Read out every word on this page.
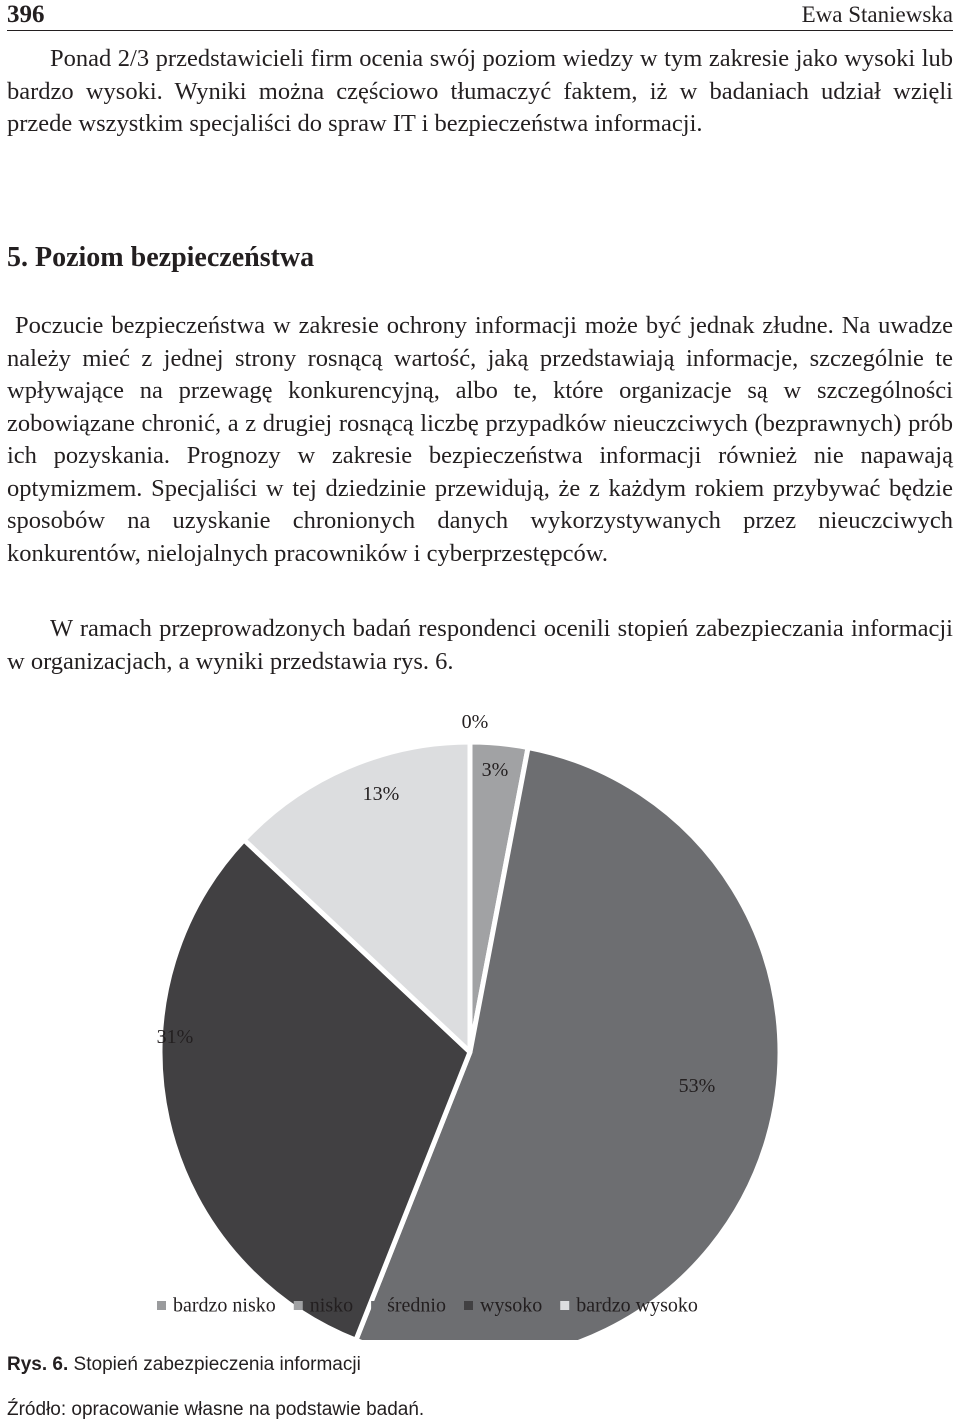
396	Ewa Staniewska

Ponad 2/3 przedstawicieli firm ocenia swój poziom wiedzy w tym zakresie jako wysoki lub bardzo wysoki. Wyniki można częściowo tłumaczyć faktem, iż w badaniach udział wzięli przede wszystkim specjaliści do spraw IT i bezpieczeństwa informacji.

5. Poziom bezpieczeństwa

Poczucie bezpieczeństwa w zakresie ochrony informacji może być jednak złudne. Na uwadze należy mieć z jednej strony rosnącą wartość, jaką przedstawiają informacje, szczególnie te wpływające na przewagę konkurencyjną, albo te, które organizacje są w szczególności zobowiązane chronić, a z drugiej rosnącą liczbę przypadków nieuczciwych (bezprawnych) prób ich pozyskania. Prognozy w zakresie bezpieczeństwa informacji również nie napawają optymizmem. Specjaliści w tej dziedzinie przewidują, że z każdym rokiem przybywać będzie sposobów na uzyskanie chronionych danych wykorzystywanych przez nieuczciwych konkurentów, nielojalnych pracowników i cyberprzestępców.

W ramach przeprowadzonych badań respondenci ocenili stopień zabezpieczania informacji w organizacjach, a wyniki przedstawia rys. 6.

0%
3%
53%
31%
13%
bardzo nisko nisko średnio wysoko bardzo wysoko

Rys. 6. Stopień zabezpieczenia informacji

Źródło: opracowanie własne na podstawie badań.
